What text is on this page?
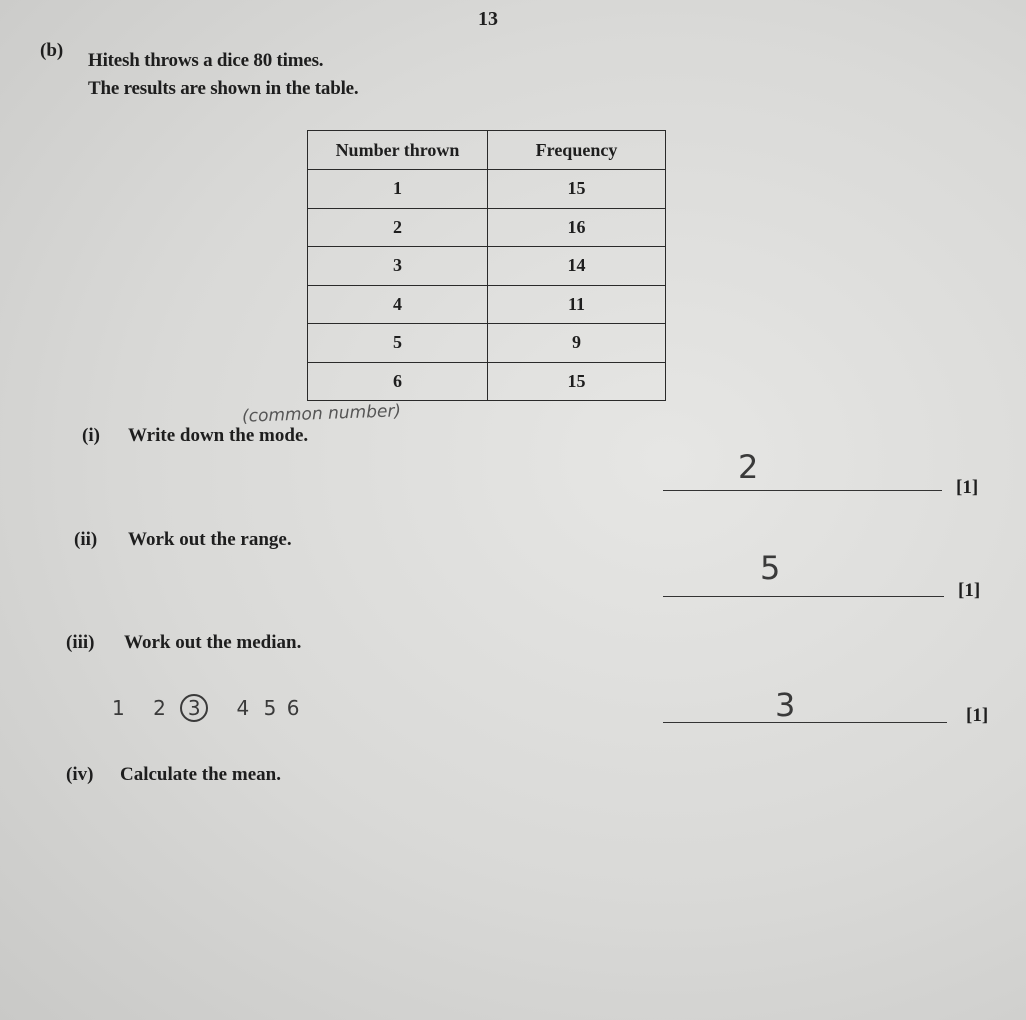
13
(b) Hitesh throws a dice 80 times.
The results are shown in the table.
Number thrown	Frequency
1	15
2	16
3	14
4	11
5	9
6	15
(common number)
(i) Write down the mode.
2
[1]
(ii) Work out the range.
5
[1]
(iii) Work out the median.
1 2 3 4 5 6	3	[1]
(iv) Calculate the mean.
